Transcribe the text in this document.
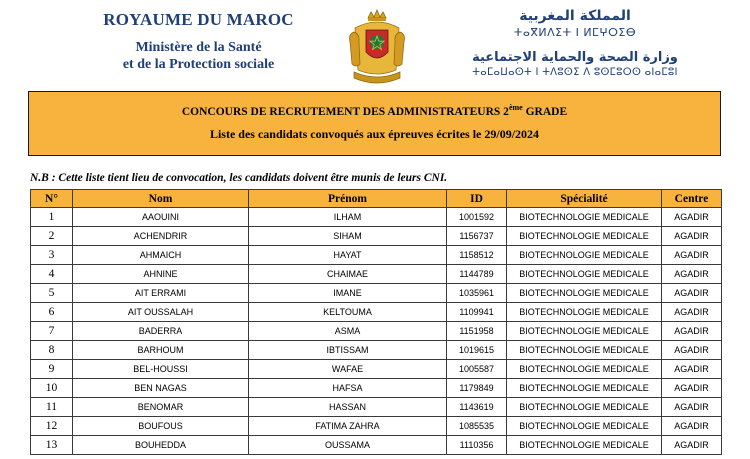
ROYAUME DU MAROC
Ministère de la Santé
et de la Protection sociale
المملكة المغربية
ⵜⴰⴳⵍⴷⵉⵜ ⵏ ⵍⵎⵖⵔⵉⴱ
وزارة الصحة والحماية الاجتماعية
ⵜⴰⵎⴰⵡⴰⵙⵜ ⵏ ⵜⴷⵓⵙⵉ ⴷ ⵓⵙⵎⵓⵔⵙ ⴰⵏⴰⵎⵓⵏ
CONCOURS DE RECRUTEMENT DES ADMINISTRATEURS 2ème GRADE
Liste des candidats convoqués aux épreuves écrites le 29/09/2024
N.B : Cette liste tient lieu de convocation, les candidats doivent être munis de leurs CNI.
N°	Nom	Prénom	ID	Spécialité	Centre
1	AAOUINI	ILHAM	1001592	BIOTECHNOLOGIE MEDICALE	AGADIR
2	ACHENDRIR	SIHAM	1156737	BIOTECHNOLOGIE MEDICALE	AGADIR
3	AHMAICH	HAYAT	1158512	BIOTECHNOLOGIE MEDICALE	AGADIR
4	AHNINE	CHAIMAE	1144789	BIOTECHNOLOGIE MEDICALE	AGADIR
5	AIT ERRAMI	IMANE	1035961	BIOTECHNOLOGIE MEDICALE	AGADIR
6	AIT OUSSALAH	KELTOUMA	1109941	BIOTECHNOLOGIE MEDICALE	AGADIR
7	BADERRA	ASMA	1151958	BIOTECHNOLOGIE MEDICALE	AGADIR
8	BARHOUM	IBTISSAM	1019615	BIOTECHNOLOGIE MEDICALE	AGADIR
9	BEL-HOUSSI	WAFAE	1005587	BIOTECHNOLOGIE MEDICALE	AGADIR
10	BEN NAGAS	HAFSA	1179849	BIOTECHNOLOGIE MEDICALE	AGADIR
11	BENOMAR	HASSAN	1143619	BIOTECHNOLOGIE MEDICALE	AGADIR
12	BOUFOUS	FATIMA ZAHRA	1085535	BIOTECHNOLOGIE MEDICALE	AGADIR
13	BOUHEDDA	OUSSAMA	1110356	BIOTECHNOLOGIE MEDICALE	AGADIR
